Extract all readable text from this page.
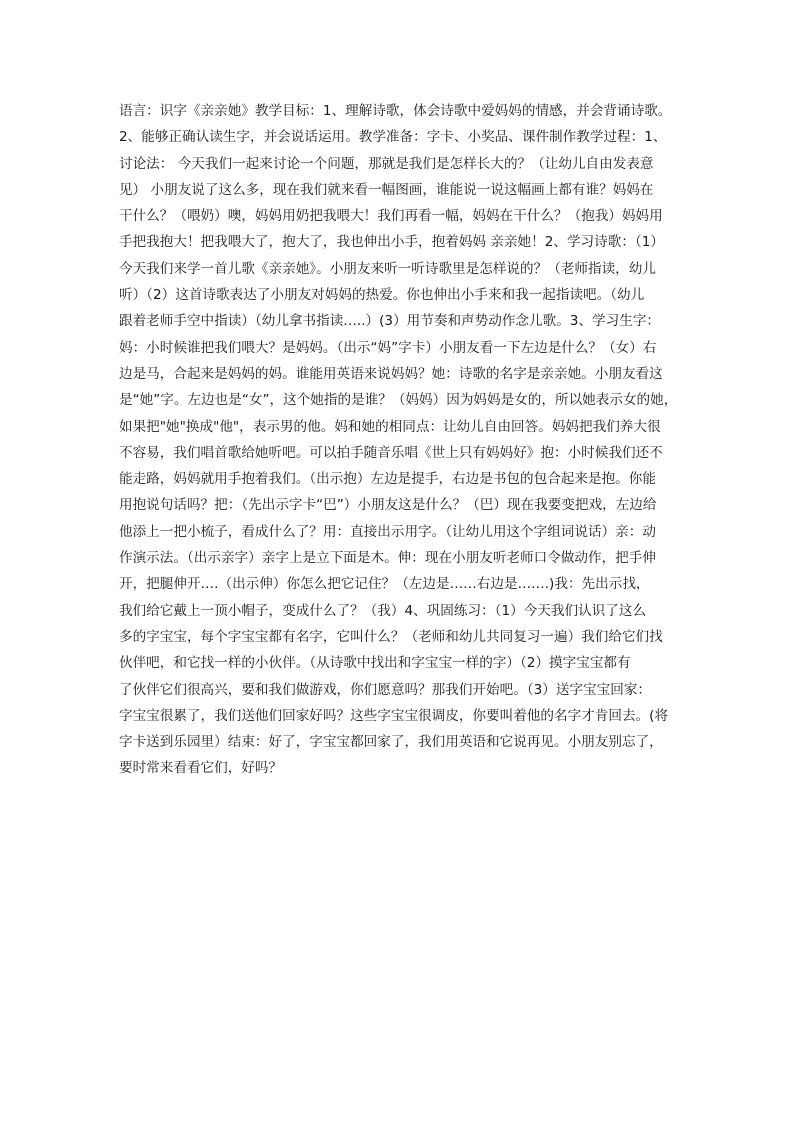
语言：识字《亲亲她》教学目标：1、理解诗歌，体会诗歌中爱妈妈的情感，并会背诵诗歌。
2、能够正确认读生字，并会说话运用。教学准备：字卡、小奖品、课件制作教学过程：1、
讨论法： 今天我们一起来讨论一个问题，那就是我们是怎样长大的？（让幼儿自由发表意
见） 小朋友说了这么多，现在我们就来看一幅图画，谁能说一说这幅画上都有谁？妈妈在
干什么？（喂奶）噢，妈妈用奶把我喂大！我们再看一幅，妈妈在干什么？（抱我）妈妈用
手把我抱大！把我喂大了，抱大了，我也伸出小手，抱着妈妈 亲亲她！2、学习诗歌：（1）
今天我们来学一首儿歌《亲亲她》。小朋友来听一听诗歌里是怎样说的？（老师指读，幼儿
听）（2）这首诗歌表达了小朋友对妈妈的热爱。你也伸出小手来和我一起指读吧。（幼儿
跟着老师手空中指读）（幼儿拿书指读…..）(3）用节奏和声势动作念儿歌。3、学习生字：
妈：小时候谁把我们喂大？是妈妈。（出示“妈”字卡）小朋友看一下左边是什么？（女）右
边是马，合起来是妈妈的妈。谁能用英语来说妈妈？她：诗歌的名字是亲亲她。小朋友看这
是“她”字。左边也是“女”，这个她指的是谁？（妈妈）因为妈妈是女的，所以她表示女的她，
如果把"她"换成"他"，表示男的他。妈和她的相同点：让幼儿自由回答。妈妈把我们养大很
不容易，我们唱首歌给她听吧。可以拍手随音乐唱《世上只有妈妈好》抱：小时候我们还不
能走路，妈妈就用手抱着我们。（出示抱）左边是提手，右边是书包的包合起来是抱。你能
用抱说句话吗？把：（先出示字卡“巴”）小朋友这是什么？（巴）现在我要变把戏，左边给
他添上一把小梳子，看成什么了？用：直接出示用字。（让幼儿用这个字组词说话）亲：动
作演示法。（出示亲字）亲字上是立下面是木。伸：现在小朋友听老师口令做动作，把手伸
开，把腿伸开….（出示伸）你怎么把它记住？（左边是……右边是…….)我：先出示找，
我们给它戴上一顶小帽子，变成什么了？（我）4、巩固练习：（1）今天我们认识了这么
多的字宝宝，每个字宝宝都有名字，它叫什么？（老师和幼儿共同复习一遍）我们给它们找
伙伴吧，和它找一样的小伙伴。（从诗歌中找出和字宝宝一样的字）（2）摸字宝宝都有
了伙伴它们很高兴，要和我们做游戏，你们愿意吗？那我们开始吧。（3）送字宝宝回家：
字宝宝很累了，我们送他们回家好吗？这些字宝宝很调皮，你要叫着他的名字才肯回去。(将
字卡送到乐园里）结束：好了，字宝宝都回家了，我们用英语和它说再见。小朋友别忘了，
要时常来看看它们，好吗？
